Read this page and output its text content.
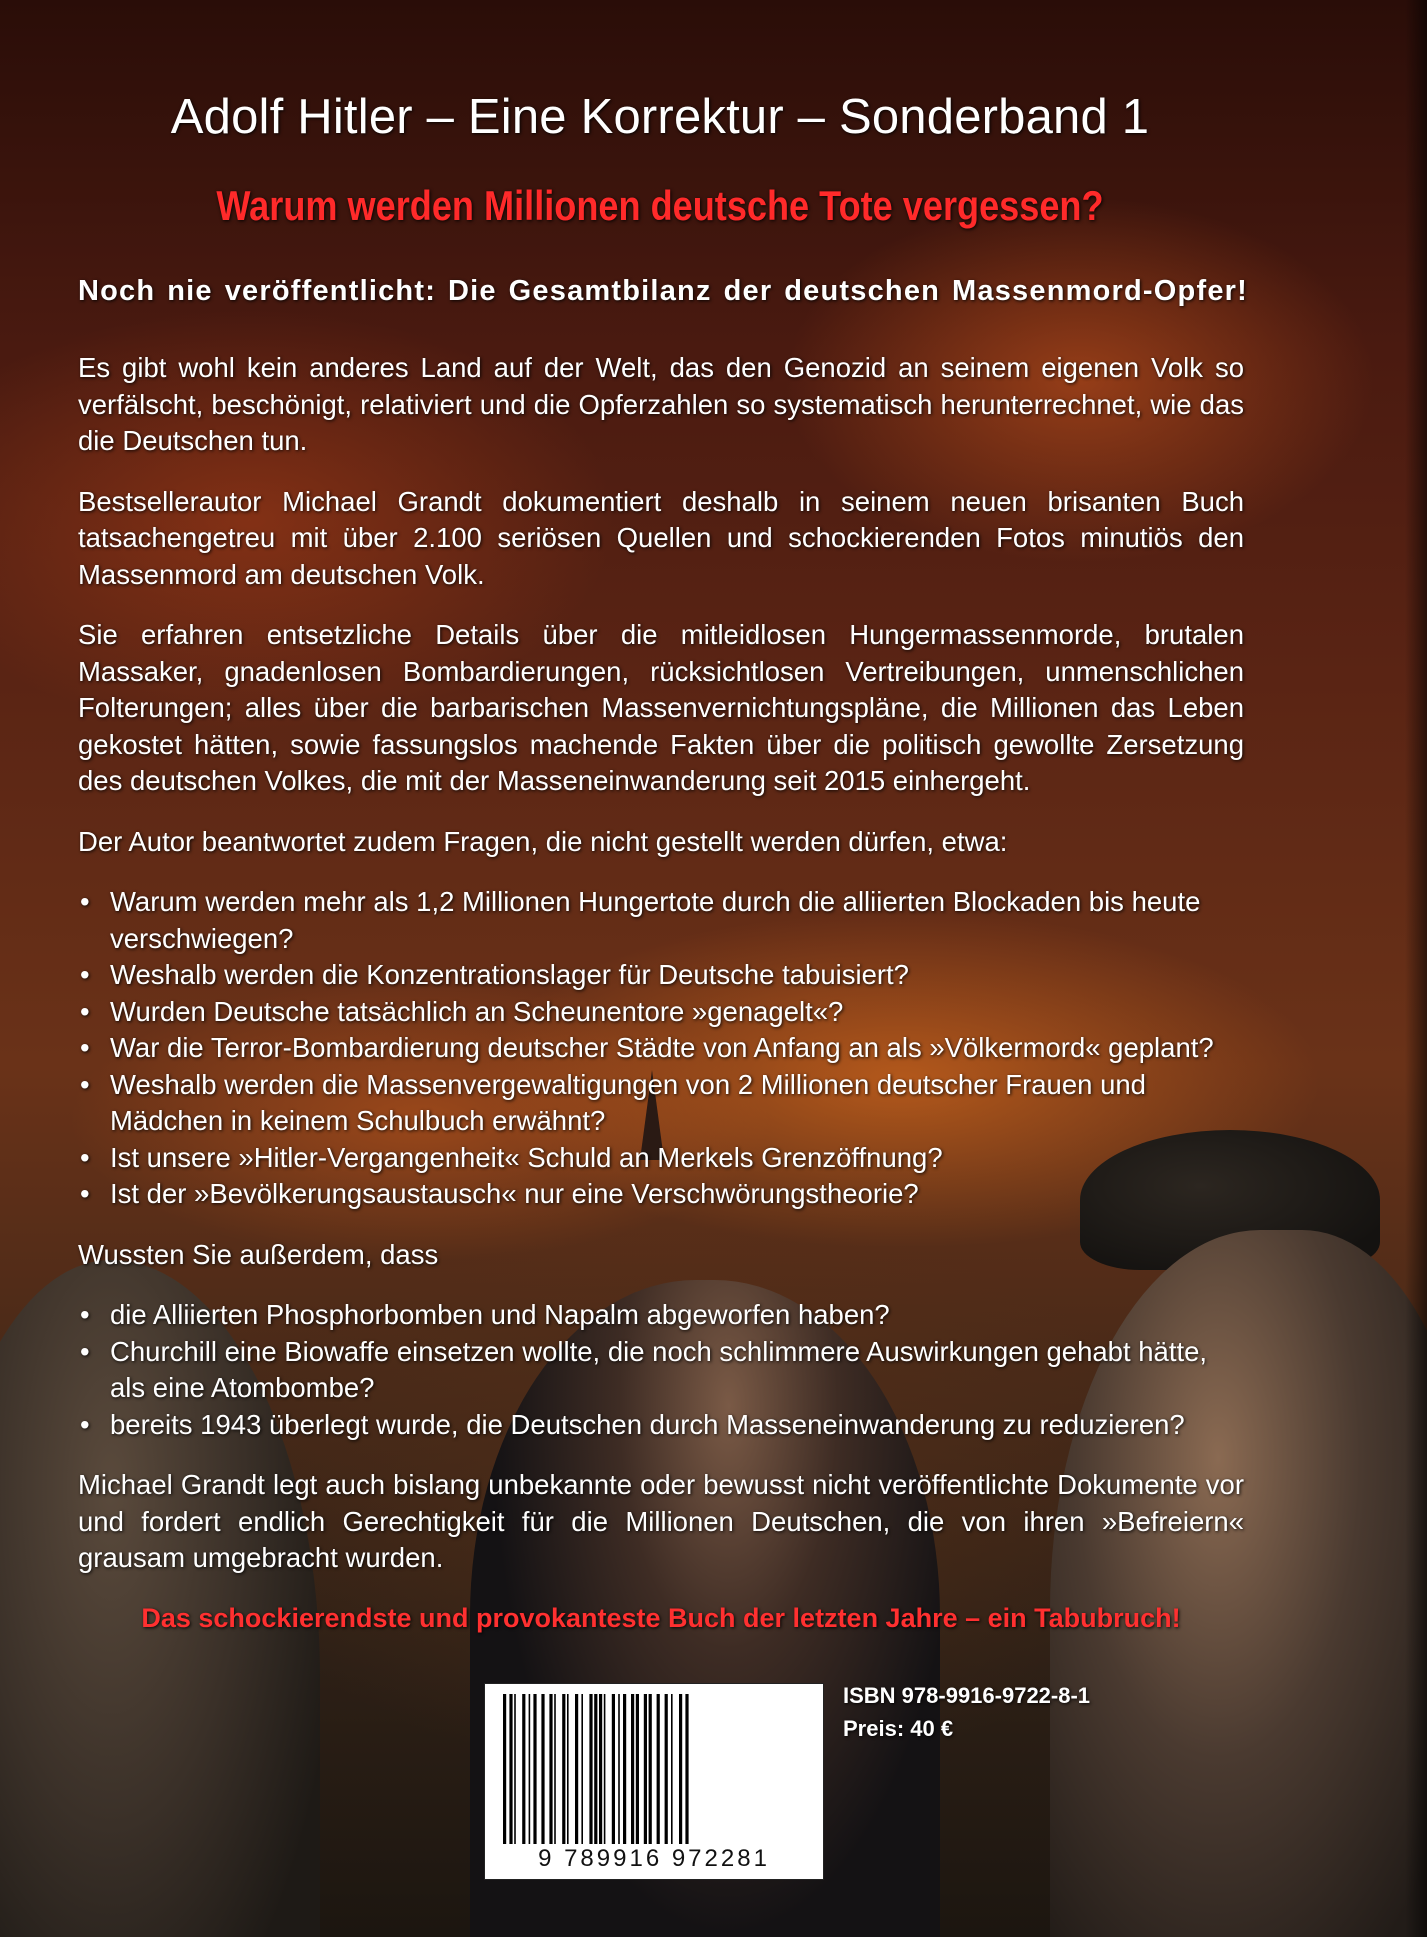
Adolf Hitler – Eine Korrektur – Sonderband 1
Warum werden Millionen deutsche Tote vergessen?
Noch nie veröffentlicht: Die Gesamtbilanz der deutschen Massenmord-Opfer!

Es gibt wohl kein anderes Land auf der Welt, das den Genozid an seinem eigenen Volk so verfälscht, beschönigt, relativiert und die Opferzahlen so systematisch herunterrechnet, wie das die Deutschen tun.

Bestsellerautor Michael Grandt dokumentiert deshalb in seinem neuen brisanten Buch tatsachengetreu mit über 2.100 seriösen Quellen und schockierenden Fotos minutiös den Massenmord am deutschen Volk.

Sie erfahren entsetzliche Details über die mitleidlosen Hungermassenmorde, brutalen Massaker, gnadenlosen Bombardierungen, rücksichtlosen Vertreibungen, unmenschlichen Folterungen; alles über die barbarischen Massenvernichtungspläne, die Millionen das Leben gekostet hätten, sowie fassungslos machende Fakten über die politisch gewollte Zersetzung des deutschen Volkes, die mit der Masseneinwanderung seit 2015 einhergeht.

Der Autor beantwortet zudem Fragen, die nicht gestellt werden dürfen, etwa:

• Warum werden mehr als 1,2 Millionen Hungertote durch die alliierten Blockaden bis heute verschwiegen?
• Weshalb werden die Konzentrationslager für Deutsche tabuisiert?
• Wurden Deutsche tatsächlich an Scheunentore »genagelt«?
• War die Terror-Bombardierung deutscher Städte von Anfang an als »Völkermord« geplant?
• Weshalb werden die Massenvergewaltigungen von 2 Millionen deutscher Frauen und Mädchen in keinem Schulbuch erwähnt?
• Ist unsere »Hitler-Vergangenheit« Schuld an Merkels Grenzöffnung?
• Ist der »Bevölkerungsaustausch« nur eine Verschwörungstheorie?

Wussten Sie außerdem, dass

• die Alliierten Phosphorbomben und Napalm abgeworfen haben?
• Churchill eine Biowaffe einsetzen wollte, die noch schlimmere Auswirkungen gehabt hätte, als eine Atombombe?
• bereits 1943 überlegt wurde, die Deutschen durch Masseneinwanderung zu reduzieren?

Michael Grandt legt auch bislang unbekannte oder bewusst nicht veröffentlichte Dokumente vor und fordert endlich Gerechtigkeit für die Millionen Deutschen, die von ihren »Befreiern« grausam umgebracht wurden.

Das schockierendste und provokanteste Buch der letzten Jahre – ein Tabubruch!
9 789916 972281
ISBN 978-9916-9722-8-1
Preis: 40 €
